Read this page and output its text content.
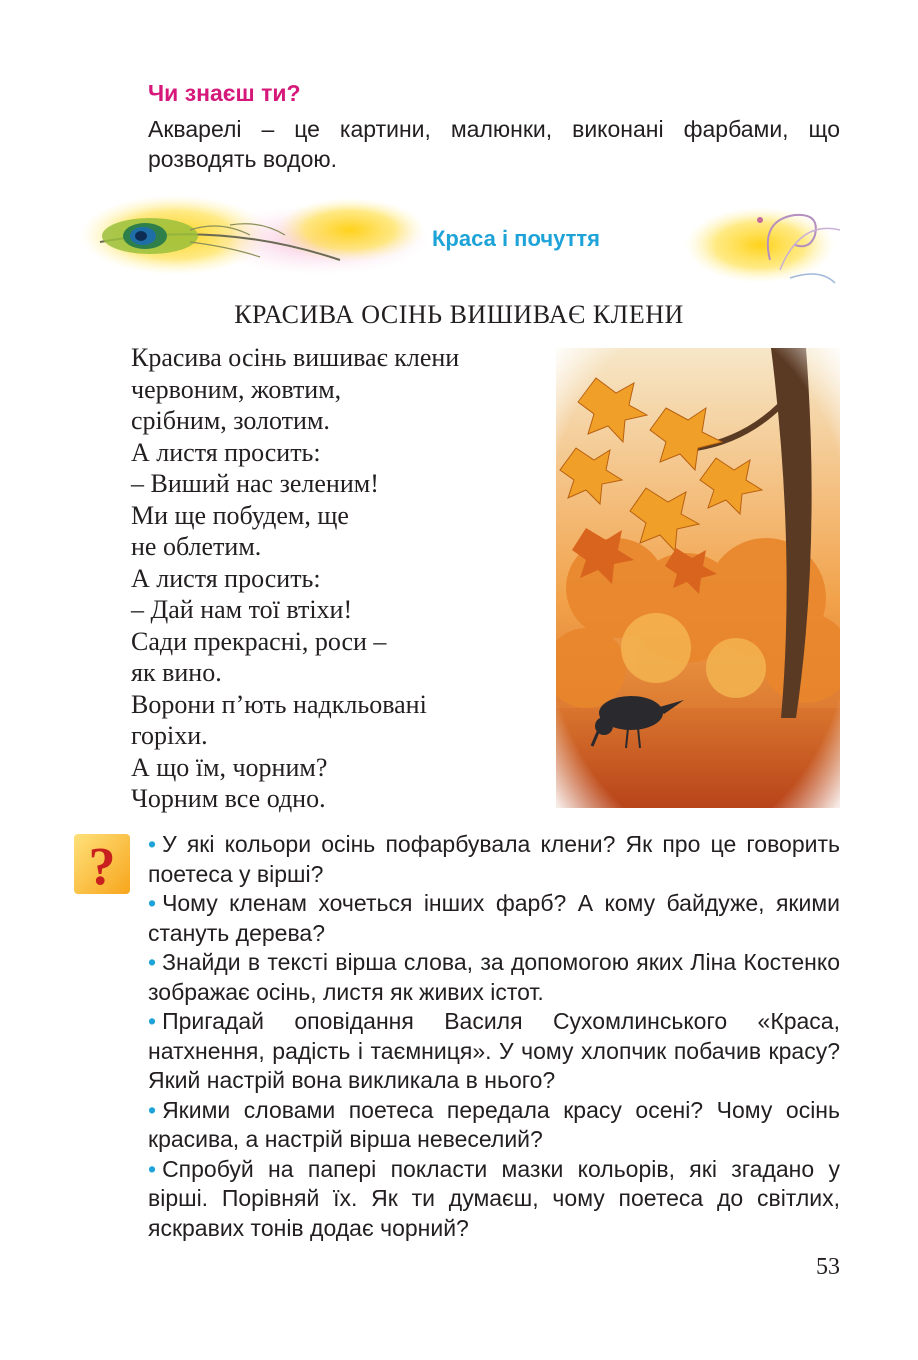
Чи знаєш ти?
Акварелі – це картини, малюнки, виконані фарбами, що розводять водою.
Краса і почуття
КРАСИВА ОСІНЬ ВИШИВАЄ КЛЕНИ
Красива осінь вишиває клени
червоним, жовтим,
срібним, золотим.
А листя просить:
– Виший нас зеленим!
Ми ще побудем, ще
не облетим.
А листя просить:
– Дай нам тої втіхи!
Сади прекрасні, роси –
як вино.
Ворони п’ють надкльовані
горіхи.
А що їм, чорним?
Чорним все одно.
? • У які кольори осінь пофарбувала клени? Як про це говорить поетеса у вірші?
• Чому кленам хочеться інших фарб? А кому байдуже, якими стануть дерева?
• Знайди в тексті вірша слова, за допомогою яких Ліна Костенко зображає осінь, листя як живих істот.
• Пригадай оповідання Василя Сухомлинського «Краса, натхнення, радість і таємниця». У чому хлопчик побачив красу? Який настрій вона викликала в нього?
• Якими словами поетеса передала красу осені? Чому осінь красива, а настрій вірша невеселий?
• Спробуй на папері покласти мазки кольорів, які згадано у вірші. Порівняй їх. Як ти думаєш, чому поетеса до світлих, яскравих тонів додає чорний?
53
